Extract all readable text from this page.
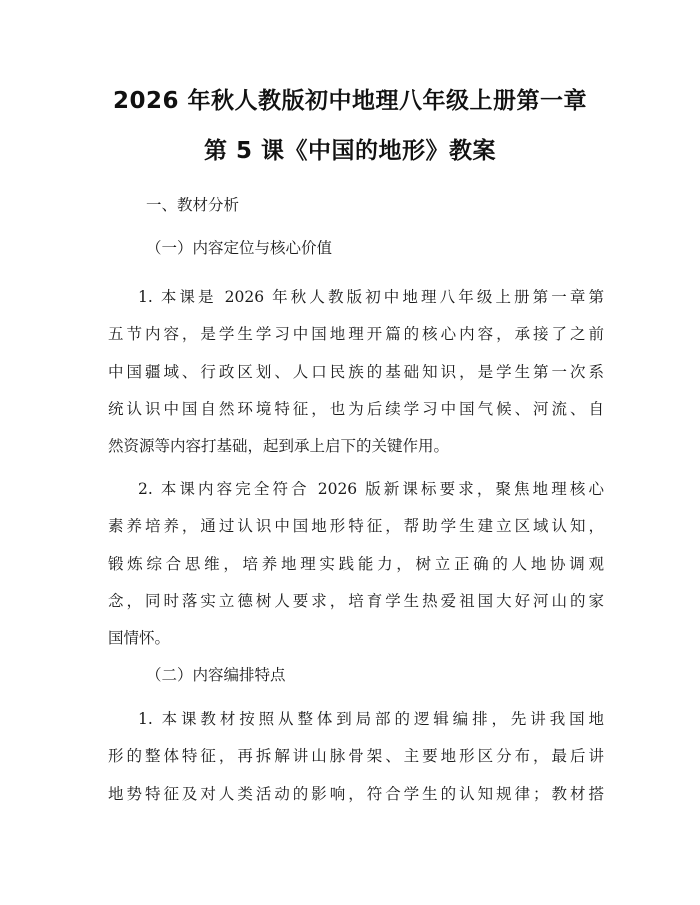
2026 年秋人教版初中地理八年级上册第一章
第 5 课《中国的地形》教案
一、教材分析
（一）内容定位与核心价值
1. 本课是 2026 年秋人教版初中地理八年级上册第一章第
五节内容，是学生学习中国地理开篇的核心内容，承接了之前
中国疆域、行政区划、人口民族的基础知识，是学生第一次系
统认识中国自然环境特征，也为后续学习中国气候、河流、自
然资源等内容打基础，起到承上启下的关键作用。
2. 本课内容完全符合 2026 版新课标要求，聚焦地理核心
素养培养，通过认识中国地形特征，帮助学生建立区域认知，
锻炼综合思维，培养地理实践能力，树立正确的人地协调观
念，同时落实立德树人要求，培育学生热爱祖国大好河山的家
国情怀。
（二）内容编排特点
1. 本课教材按照从整体到局部的逻辑编排，先讲我国地
形的整体特征，再拆解讲山脉骨架、主要地形区分布，最后讲
地势特征及对人类活动的影响，符合学生的认知规律；教材搭
